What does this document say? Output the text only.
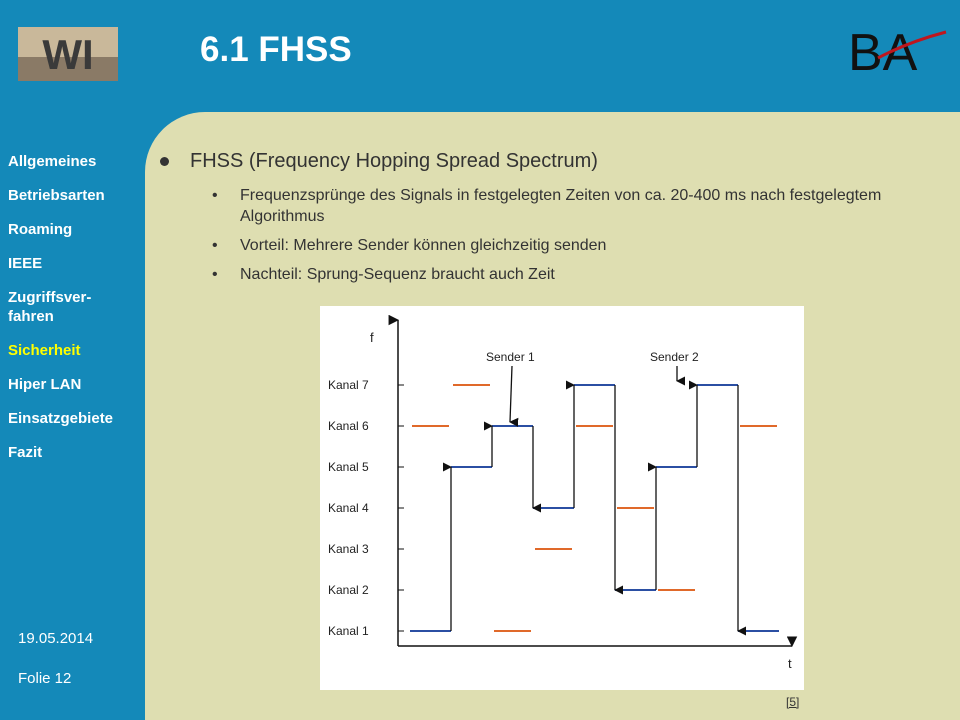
WI	6.1 FHSS	BA
Allgemeines
Betriebsarten
Roaming
IEEE
Zugriffsver-fahren
Sicherheit
Hiper LAN
Einsatzgebiete
Fazit
19.05.2014
Folie 12

FHSS (Frequency Hopping Spread Spectrum)

• Frequenzsprünge des Signals in festgelegten Zeiten von ca. 20-400 ms nach festgelegtem Algorithmus

• Vorteil: Mehrere Sender können gleichzeitig senden

• Nachteil: Sprung-Sequenz braucht auch Zeit

Kanal 1
Kanal 2
Kanal 3
Kanal 4
Kanal 5
Kanal 6
Kanal 7
f
t
Sender 1	Sender 2
[5]
